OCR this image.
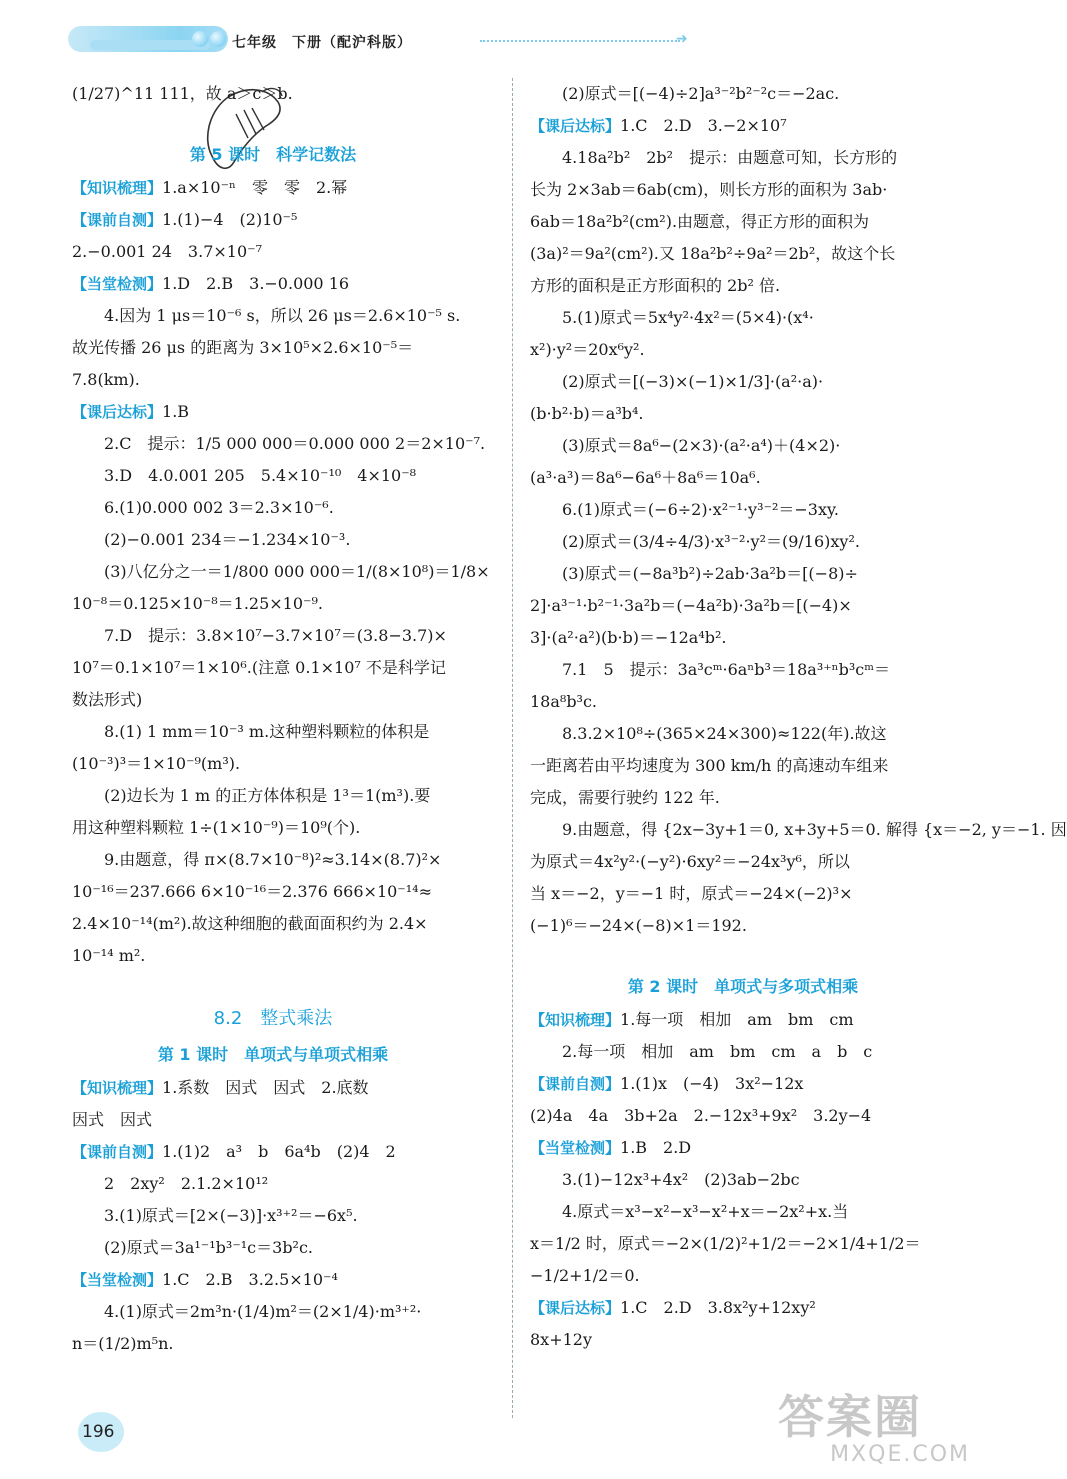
七年级　下册（配沪科版）	➜
(1/27)^11 111，故 a＞c＞b.
第 5 课时　科学记数法
【知识梳理】1.a×10⁻ⁿ　零　零　2.幂
【课前自测】1.(1)−4　(2)10⁻⁵
2.−0.001 24　3.7×10⁻⁷
【当堂检测】1.D　2.B　3.−0.000 16
4.因为 1 μs＝10⁻⁶ s，所以 26 μs＝2.6×10⁻⁵ s.
故光传播 26 μs 的距离为 3×10⁵×2.6×10⁻⁵＝
7.8(km).
【课后达标】1.B
2.C　提示：1/5 000 000＝0.000 000 2＝2×10⁻⁷.
3.D　4.0.001 205　5.4×10⁻¹⁰　4×10⁻⁸
6.(1)0.000 002 3＝2.3×10⁻⁶.
(2)−0.001 234＝−1.234×10⁻³.
(3)八亿分之一＝1/800 000 000＝1/(8×10⁸)＝1/8×
10⁻⁸＝0.125×10⁻⁸＝1.25×10⁻⁹.
7.D　提示：3.8×10⁷−3.7×10⁷＝(3.8−3.7)×
10⁷＝0.1×10⁷＝1×10⁶.(注意 0.1×10⁷ 不是科学记
数法形式)
8.(1) 1 mm＝10⁻³ m.这种塑料颗粒的体积是
(10⁻³)³＝1×10⁻⁹(m³).
(2)边长为 1 m 的正方体体积是 1³＝1(m³).要
用这种塑料颗粒 1÷(1×10⁻⁹)＝10⁹(个).
9.由题意，得 π×(8.7×10⁻⁸)²≈3.14×(8.7)²×
10⁻¹⁶＝237.666 6×10⁻¹⁶＝2.376 666×10⁻¹⁴≈
2.4×10⁻¹⁴(m²).故这种细胞的截面面积约为 2.4×
10⁻¹⁴ m².
8.2　整式乘法
第 1 课时　单项式与单项式相乘
【知识梳理】1.系数　因式　因式　2.底数
因式　因式
【课前自测】1.(1)2　a³　b　6a⁴b　(2)4　2
2　2xy²　2.1.2×10¹²
3.(1)原式＝[2×(−3)]·x³⁺²＝−6x⁵.
(2)原式＝3a¹⁻¹b³⁻¹c＝3b²c.
【当堂检测】1.C　2.B　3.2.5×10⁻⁴
4.(1)原式＝2m³n·(1/4)m²＝(2×1/4)·m³⁺²·
n＝(1/2)m⁵n.
(2)原式＝[(−4)÷2]a³⁻²b²⁻²c＝−2ac.
【课后达标】1.C　2.D　3.−2×10⁷
4.18a²b²　2b²　提示：由题意可知，长方形的
长为 2×3ab＝6ab(cm)，则长方形的面积为 3ab·
6ab＝18a²b²(cm²).由题意，得正方形的面积为
(3a)²＝9a²(cm²).又 18a²b²÷9a²＝2b²，故这个长
方形的面积是正方形面积的 2b² 倍.
5.(1)原式＝5x⁴y²·4x²＝(5×4)·(x⁴·
x²)·y²＝20x⁶y².
(2)原式＝[(−3)×(−1)×1/3]·(a²·a)·
(b·b²·b)＝a³b⁴.
(3)原式＝8a⁶−(2×3)·(a²·a⁴)＋(4×2)·
(a³·a³)＝8a⁶−6a⁶＋8a⁶＝10a⁶.
6.(1)原式＝(−6÷2)·x²⁻¹·y³⁻²＝−3xy.
(2)原式＝(3/4÷4/3)·x³⁻²·y²＝(9/16)xy².
(3)原式＝(−8a³b²)÷2ab·3a²b＝[(−8)÷
2]·a³⁻¹·b²⁻¹·3a²b＝(−4a²b)·3a²b＝[(−4)×
3]·(a²·a²)(b·b)＝−12a⁴b².
7.1　5　提示：3a³cᵐ·6aⁿb³＝18a³⁺ⁿb³cᵐ＝
18a⁸b³c.
8.3.2×10⁸÷(365×24×300)≈122(年).故这
一距离若由平均速度为 300 km/h 的高速动车组来
完成，需要行驶约 122 年.
9.由题意，得 {2x−3y+1＝0, x+3y+5＝0. 解得 {x＝−2, y＝−1. 因
为原式＝4x²y²·(−y²)·6xy²＝−24x³y⁶，所以
当 x＝−2，y＝−1 时，原式＝−24×(−2)³×
(−1)⁶＝−24×(−8)×1＝192.
第 2 课时　单项式与多项式相乘
【知识梳理】1.每一项　相加　am　bm　cm
2.每一项　相加　am　bm　cm　a　b　c
【课前自测】1.(1)x　(−4)　3x²−12x
(2)4a　4a　3b+2a　2.−12x³+9x²　3.2y−4
【当堂检测】1.B　2.D
3.(1)−12x³+4x²　(2)3ab−2bc
4.原式＝x³−x²−x³−x²+x＝−2x²+x.当
x＝1/2 时，原式＝−2×(1/2)²+1/2＝−2×1/4+1/2＝
−1/2+1/2＝0.
【课后达标】1.C　2.D　3.8x²y+12xy²
8x+12y
196	答案圈
MXQE.COM
